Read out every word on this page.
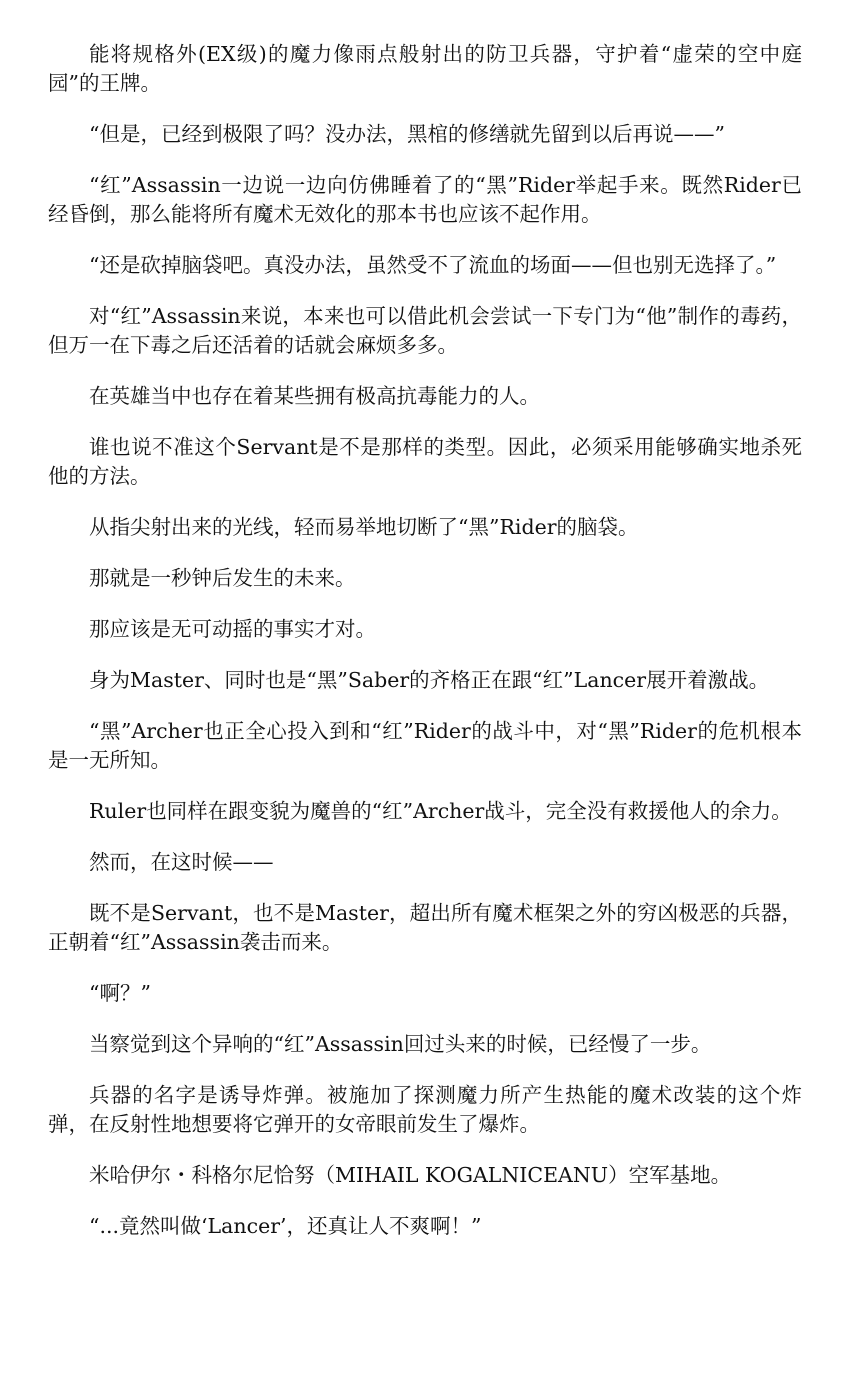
能将规格外(EX级)的魔力像雨点般射出的防卫兵器，守护着“虚荣的空中庭园”的王牌。

“但是，已经到极限了吗？没办法，黑棺的修缮就先留到以后再说——”

“红”Assassin一边说一边向仿佛睡着了的“黑”Rider举起手来。既然Rider已经昏倒，那么能将所有魔术无效化的那本书也应该不起作用。

“还是砍掉脑袋吧。真没办法，虽然受不了流血的场面——但也别无选择了。”

对“红”Assassin来说，本来也可以借此机会尝试一下专门为“他”制作的毒药，但万一在下毒之后还活着的话就会麻烦多多。

在英雄当中也存在着某些拥有极高抗毒能力的人。

谁也说不准这个Servant是不是那样的类型。因此，必须采用能够确实地杀死他的方法。

从指尖射出来的光线，轻而易举地切断了“黑”Rider的脑袋。

那就是一秒钟后发生的未来。

那应该是无可动摇的事实才对。

身为Master、同时也是“黑”Saber的齐格正在跟“红”Lancer展开着激战。

“黑”Archer也正全心投入到和“红”Rider的战斗中，对“黑”Rider的危机根本是一无所知。

Ruler也同样在跟变貌为魔兽的“红”Archer战斗，完全没有救援他人的余力。

然而，在这时候——

既不是Servant，也不是Master，超出所有魔术框架之外的穷凶极恶的兵器，正朝着“红”Assassin袭击而来。

“啊？”

当察觉到这个异响的“红”Assassin回过头来的时候，已经慢了一步。

兵器的名字是诱导炸弹。被施加了探测魔力所产生热能的魔术改装的这个炸弹，在反射性地想要将它弹开的女帝眼前发生了爆炸。

米哈伊尔・科格尔尼恰努（MIHAIL KOGALNICEANU）空军基地。

“...竟然叫做‘Lancer’，还真让人不爽啊！”
